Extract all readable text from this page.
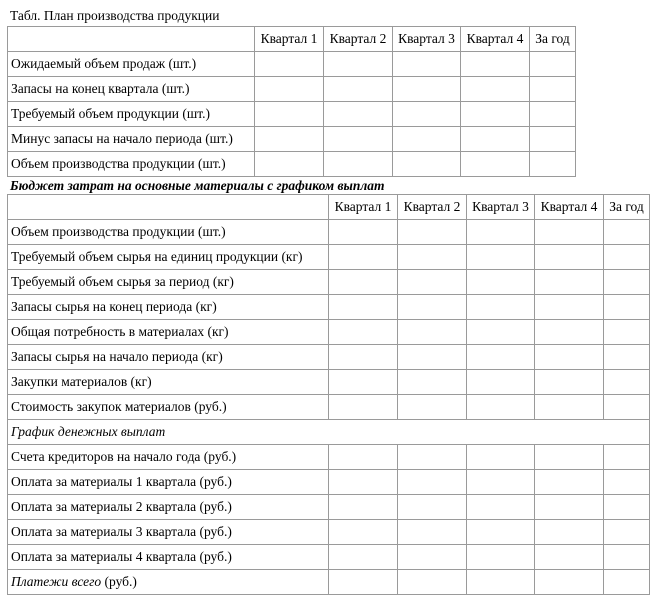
Табл. План производства продукции
	Квартал 1	Квартал 2	Квартал 3	Квартал 4	За год
Ожидаемый объем продаж (шт.)					
Запасы на конец квартала (шт.)					
Требуемый объем продукции (шт.)					
Минус запасы на начало периода (шт.)					
Объем производства продукции (шт.)					
Бюджет затрат на основные материалы с графиком выплат
	Квартал 1	Квартал 2	Квартал 3	Квартал 4	За год
Объем производства продукции (шт.)					
Требуемый объем сырья на единиц продукции (кг)					
Требуемый объем сырья за период (кг)					
Запасы сырья на конец периода (кг)					
Общая потребность в материалах (кг)					
Запасы сырья на начало периода (кг)					
Закупки материалов (кг)					
Стоимость закупок материалов (руб.)					
График денежных выплат					
Счета кредиторов на начало года (руб.)					
Оплата за материалы 1 квартала (руб.)					
Оплата за материалы 2 квартала (руб.)					
Оплата за материалы 3 квартала (руб.)					
Оплата за материалы 4 квартала (руб.)					
Платежи всего (руб.)					
